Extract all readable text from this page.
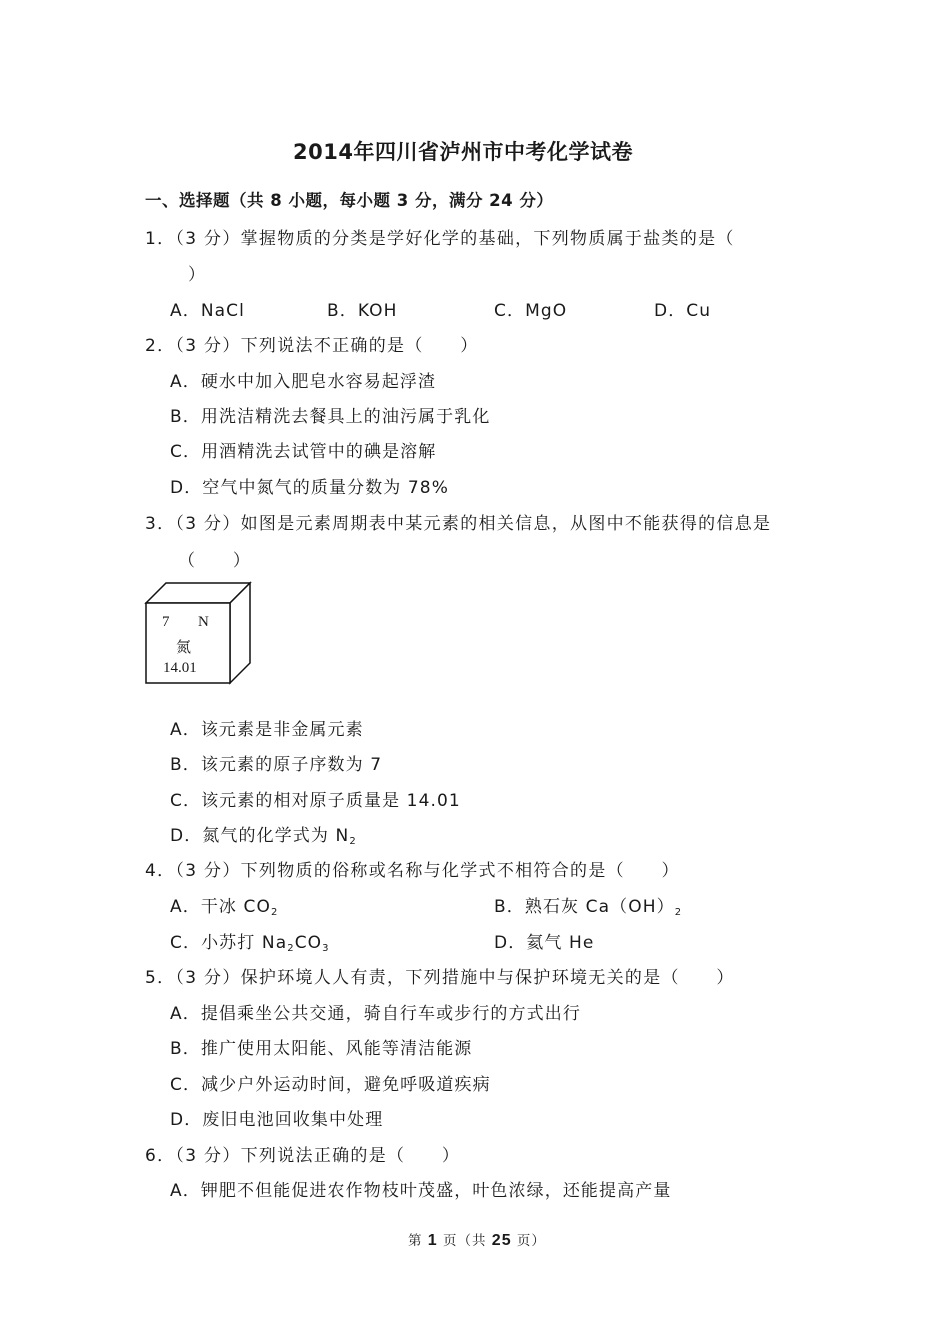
2014年四川省泸州市中考化学试卷
一、选择题（共 8 小题，每小题 3 分，满分 24 分）
1．（3 分）掌握物质的分类是学好化学的基础，下列物质属于盐类的是（
）
A．NaCl	B．KOH	C．MgO	D．Cu
2．（3 分）下列说法不正确的是（　　）
A．硬水中加入肥皂水容易起浮渣
B．用洗洁精洗去餐具上的油污属于乳化
C．用酒精洗去试管中的碘是溶解
D．空气中氮气的质量分数为 78%
3．（3 分）如图是元素周期表中某元素的相关信息，从图中不能获得的信息是
（　　）
7 N
氮
14.01
A．该元素是非金属元素
B．该元素的原子序数为 7
C．该元素的相对原子质量是 14.01
D．氮气的化学式为 $N_2$
4．（3 分）下列物质的俗称或名称与化学式不相符合的是（　　）
A．干冰 $CO_2$	B．熟石灰 $Ca(OH)_2$
C．小苏打 $Na_2CO_3$	D．氦气 He
5．（3 分）保护环境人人有责，下列措施中与保护环境无关的是（　　）
A．提倡乘坐公共交通，骑自行车或步行的方式出行
B．推广使用太阳能、风能等清洁能源
C．减少户外运动时间，避免呼吸道疾病
D．废旧电池回收集中处理
6．（3 分）下列说法正确的是（　　）
A．钾肥不但能促进农作物枝叶茂盛，叶色浓绿，还能提高产量
第 1 页（共 25 页）
